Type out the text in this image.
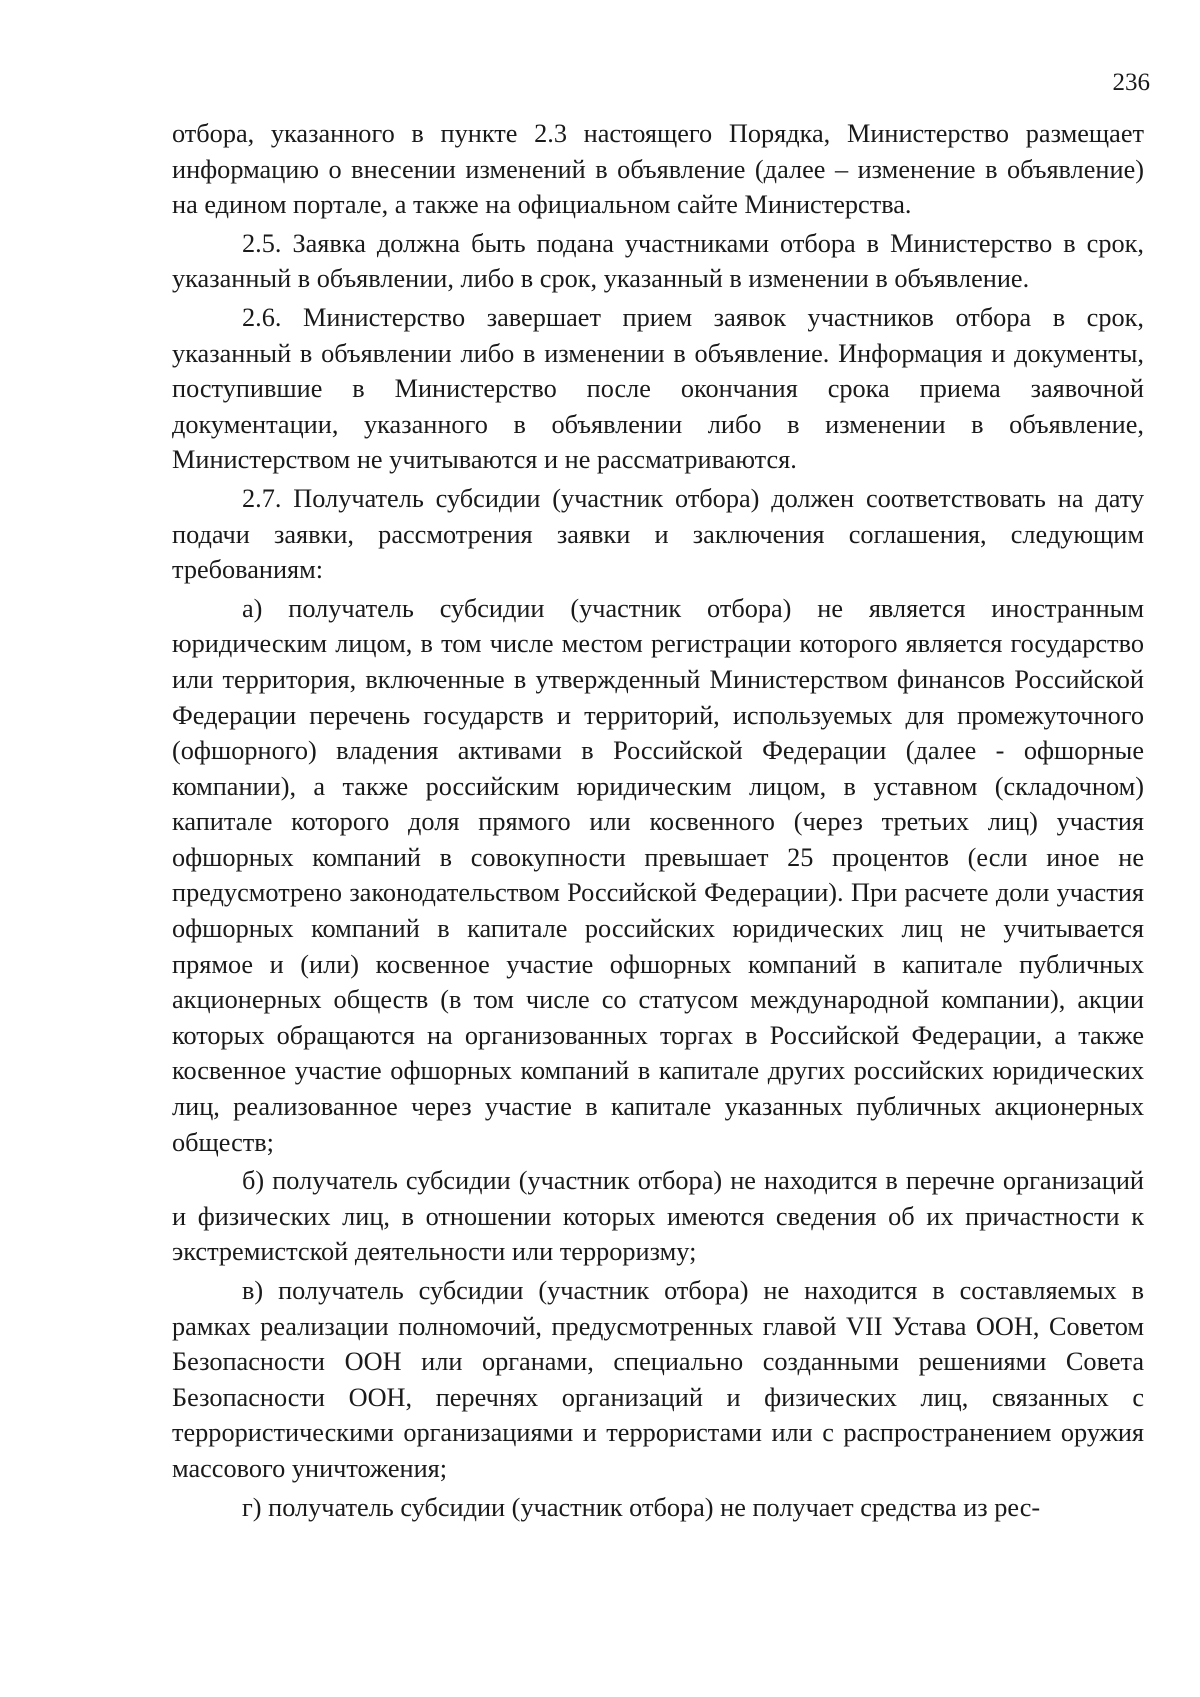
236

отбора, указанного в пункте 2.3 настоящего Порядка, Министерство размещает информацию о внесении изменений в объявление (далее – изменение в объявление) на едином портале, а также на официальном сайте Министерства.

2.5. Заявка должна быть подана участниками отбора в Министерство в срок, указанный в объявлении, либо в срок, указанный в изменении в объявление.

2.6. Министерство завершает прием заявок участников отбора в срок, указанный в объявлении либо в изменении в объявление. Информация и документы, поступившие в Министерство после окончания срока приема заявочной документации, указанного в объявлении либо в изменении в объявление, Министерством не учитываются и не рассматриваются.

2.7. Получатель субсидии (участник отбора) должен соответствовать на дату подачи заявки, рассмотрения заявки и заключения соглашения, следующим требованиям:

а) получатель субсидии (участник отбора) не является иностранным юридическим лицом, в том числе местом регистрации которого является государство или территория, включенные в утвержденный Министерством финансов Российской Федерации перечень государств и территорий, используемых для промежуточного (офшорного) владения активами в Российской Федерации (далее - офшорные компании), а также российским юридическим лицом, в уставном (складочном) капитале которого доля прямого или косвенного (через третьих лиц) участия офшорных компаний в совокупности превышает 25 процентов (если иное не предусмотрено законодательством Российской Федерации). При расчете доли участия офшорных компаний в капитале российских юридических лиц не учитывается прямое и (или) косвенное участие офшорных компаний в капитале публичных акционерных обществ (в том числе со статусом международной компании), акции которых обращаются на организованных торгах в Российской Федерации, а также косвенное участие офшорных компаний в капитале других российских юридических лиц, реализованное через участие в капитале указанных публичных акционерных обществ;

б) получатель субсидии (участник отбора) не находится в перечне организаций и физических лиц, в отношении которых имеются сведения об их причастности к экстремистской деятельности или терроризму;

в) получатель субсидии (участник отбора) не находится в составляемых в рамках реализации полномочий, предусмотренных главой VII Устава ООН, Советом Безопасности ООН или органами, специально созданными решениями Совета Безопасности ООН, перечнях организаций и физических лиц, связанных с террористическими организациями и террористами или с распространением оружия массового уничтожения;

г) получатель субсидии (участник отбора) не получает средства из рес-
